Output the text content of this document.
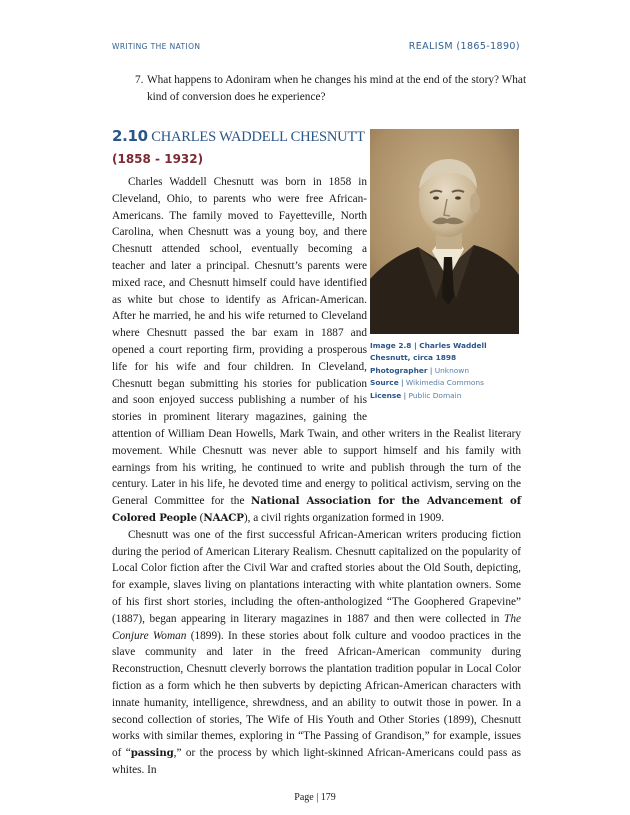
WRITING THE NATION	REALISM (1865-1890)
7. What happens to Adoniram when he changes his mind at the end of the story? What kind of conversion does he experience?
2.10 CHARLES WADDELL CHESNUTT
(1858 - 1932)
Image 2.8 | Charles Waddell Chesnutt, circa 1898
Photographer | Unknown
Source | Wikimedia Commons
License | Public Domain

Charles Waddell Chesnutt was born in 1858 in Cleveland, Ohio, to parents who were free African-Americans. The family moved to Fayetteville, North Carolina, when Chesnutt was a young boy, and there Chesnutt attended school, eventually becoming a teacher and later a principal. Chesnutt’s parents were mixed race, and Chesnutt himself could have identified as white but chose to identify as African-American. After he married, he and his wife returned to Cleveland where Chesnutt passed the bar exam in 1887 and opened a court reporting firm, providing a prosperous life for his wife and four children. In Cleveland, Chesnutt began submitting his stories for publication and soon enjoyed success publishing a number of his stories in prominent literary magazines, gaining the attention of William Dean Howells, Mark Twain, and other writers in the Realist literary movement. While Chesnutt was never able to support himself and his family with earnings from his writing, he continued to write and publish through the turn of the century. Later in his life, he devoted time and energy to political activism, serving on the General Committee for the National Association for the Advancement of Colored People (NAACP), a civil rights organization formed in 1909.

Chesnutt was one of the first successful African-American writers producing fiction during the period of American Literary Realism. Chesnutt capitalized on the popularity of Local Color fiction after the Civil War and crafted stories about the Old South, depicting, for example, slaves living on plantations interacting with white plantation owners. Some of his first short stories, including the often-anthologized “The Goophered Grapevine” (1887), began appearing in literary magazines in 1887 and then were collected in The Conjure Woman (1899). In these stories about folk culture and voodoo practices in the slave community and later in the freed African-American community during Reconstruction, Chesnutt cleverly borrows the plantation tradition popular in Local Color fiction as a form which he then subverts by depicting African-American characters with innate humanity, intelligence, shrewdness, and an ability to outwit those in power. In a second collection of stories, The Wife of His Youth and Other Stories (1899), Chesnutt works with similar themes, exploring in “The Passing of Grandison,” for example, issues of “passing,” or the process by which light-skinned African-Americans could pass as whites. In

Page | 179
